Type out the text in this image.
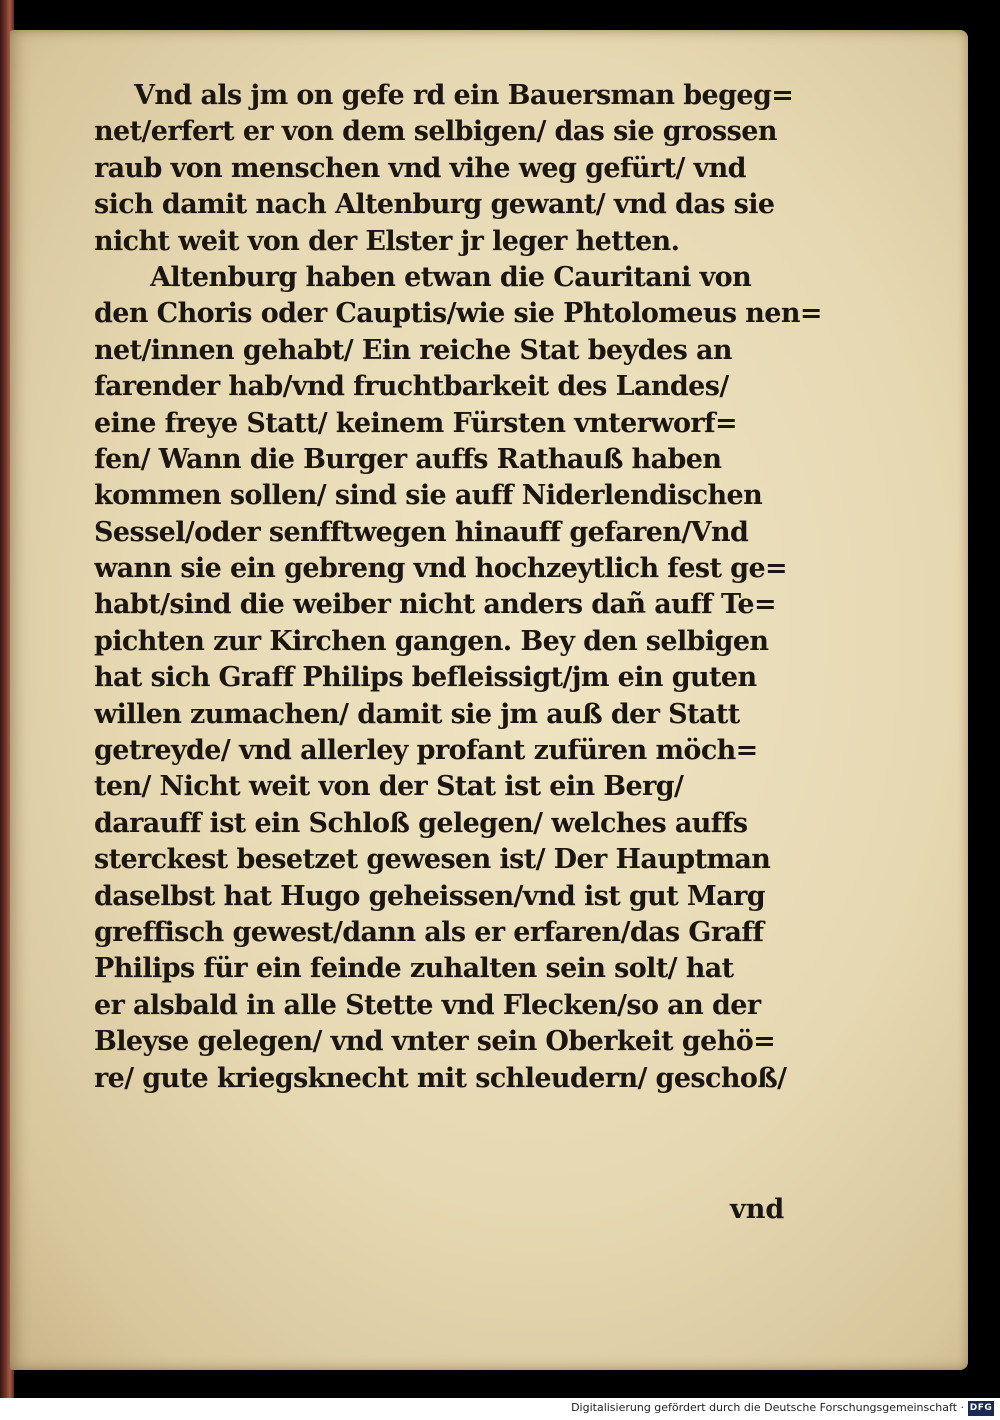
Vnd als jm on gefe rd ein Bauersman begeg=
net/erfert er von dem selbigen/ das sie grossen
raub von menschen vnd vihe weg gefürt/ vnd
sich damit nach Altenburg gewant/ vnd das sie
nicht weit von der Elster jr leger hetten.
Altenburg haben etwan die Cauritani von
den Choris oder Cauptis/wie sie Phtolomeus nen=
net/innen gehabt/ Ein reiche Stat beydes an
farender hab/vnd fruchtbarkeit des Landes/
eine freye Statt/ keinem Fürsten vnterworf=
fen/ Wann die Burger auffs Rathauß haben
kommen sollen/ sind sie auff Niderlendischen
Sessel/oder senfftwegen hinauff gefaren/Vnd
wann sie ein gebreng vnd hochzeytlich fest ge=
habt/sind die weiber nicht anders dañ auff Te=
pichten zur Kirchen gangen. Bey den selbigen
hat sich Graff Philips befleissigt/jm ein guten
willen zumachen/ damit sie jm auß der Statt
getreyde/ vnd allerley profant zufüren möch=
ten/ Nicht weit von der Stat ist ein Berg/
darauff ist ein Schloß gelegen/ welches auffs
sterckest besetzet gewesen ist/ Der Hauptman
daselbst hat Hugo geheissen/vnd ist gut Marg
greffisch gewest/dann als er erfaren/das Graff
Philips für ein feinde zuhalten sein solt/ hat
er alsbald in alle Stette vnd Flecken/so an der
Bleyse gelegen/ vnd vnter sein Oberkeit gehö=
re/ gute kriegsknecht mit schleudern/ geschoß/
vnd
Digitalisierung gefördert durch die Deutsche Forschungsgemeinschaft · DFG
